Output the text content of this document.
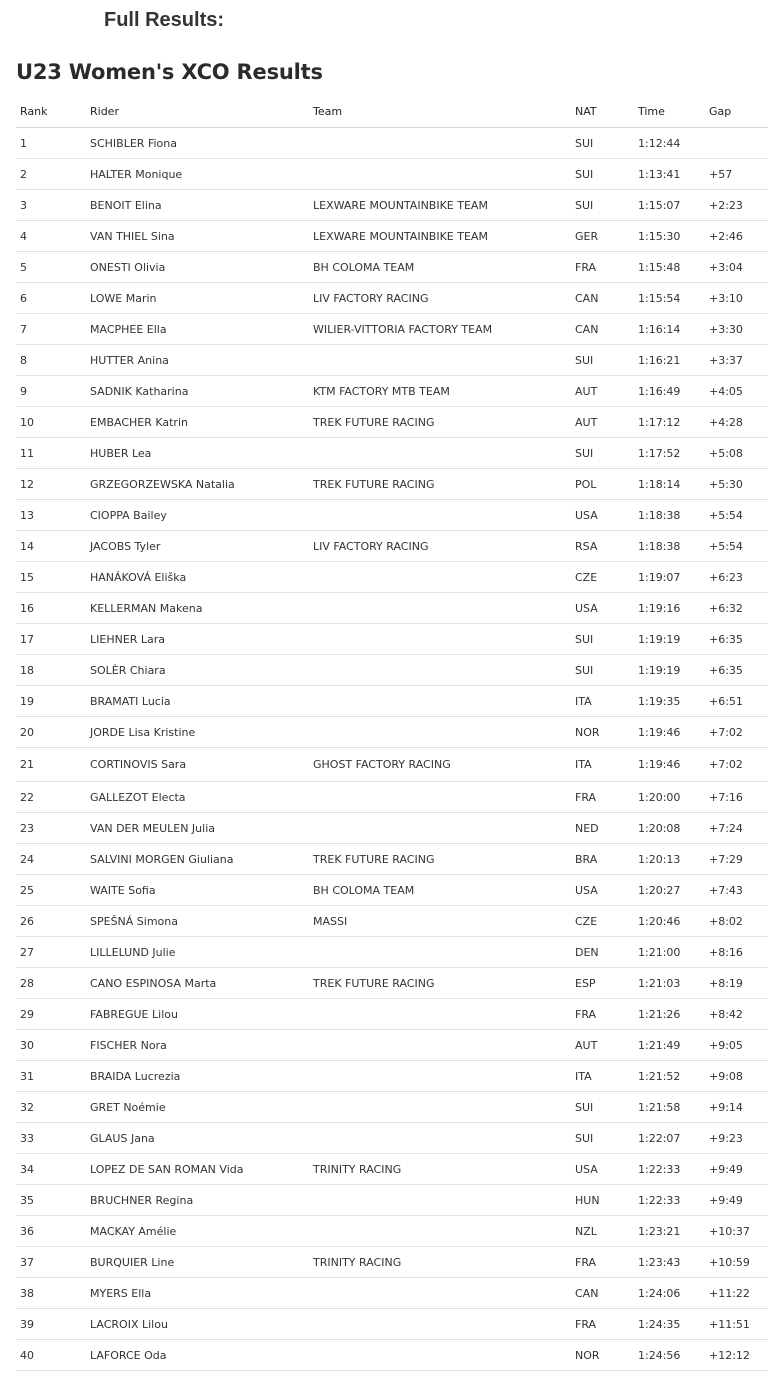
Full Results:
U23 Women's XCO Results
Rank	Rider	Team	NAT	Time	Gap
1	SCHIBLER Fiona		SUI	1:12:44	
2	HALTER Monique		SUI	1:13:41	+57
3	BENOIT Elina	LEXWARE MOUNTAINBIKE TEAM	SUI	1:15:07	+2:23
4	VAN THIEL Sina	LEXWARE MOUNTAINBIKE TEAM	GER	1:15:30	+2:46
5	ONESTI Olivia	BH COLOMA TEAM	FRA	1:15:48	+3:04
6	LOWE Marin	LIV FACTORY RACING	CAN	1:15:54	+3:10
7	MACPHEE Ella	WILIER-VITTORIA FACTORY TEAM	CAN	1:16:14	+3:30
8	HUTTER Anina		SUI	1:16:21	+3:37
9	SADNIK Katharina	KTM FACTORY MTB TEAM	AUT	1:16:49	+4:05
10	EMBACHER Katrin	TREK FUTURE RACING	AUT	1:17:12	+4:28
11	HUBER Lea		SUI	1:17:52	+5:08
12	GRZEGORZEWSKA Natalia	TREK FUTURE RACING	POL	1:18:14	+5:30
13	CIOPPA Bailey		USA	1:18:38	+5:54
14	JACOBS Tyler	LIV FACTORY RACING	RSA	1:18:38	+5:54
15	HANÁKOVÁ Eliška		CZE	1:19:07	+6:23
16	KELLERMAN Makena		USA	1:19:16	+6:32
17	LIEHNER Lara		SUI	1:19:19	+6:35
18	SOLÈR Chiara		SUI	1:19:19	+6:35
19	BRAMATI Lucia		ITA	1:19:35	+6:51
20	JORDE Lisa Kristine		NOR	1:19:46	+7:02
21	CORTINOVIS Sara	GHOST FACTORY RACING	ITA	1:19:46	+7:02
22	GALLEZOT Electa		FRA	1:20:00	+7:16
23	VAN DER MEULEN Julia		NED	1:20:08	+7:24
24	SALVINI MORGEN Giuliana	TREK FUTURE RACING	BRA	1:20:13	+7:29
25	WAITE Sofia	BH COLOMA TEAM	USA	1:20:27	+7:43
26	SPEŠNÁ Simona	MASSI	CZE	1:20:46	+8:02
27	LILLELUND Julie		DEN	1:21:00	+8:16
28	CANO ESPINOSA Marta	TREK FUTURE RACING	ESP	1:21:03	+8:19
29	FABREGUE Lilou		FRA	1:21:26	+8:42
30	FISCHER Nora		AUT	1:21:49	+9:05
31	BRAIDA Lucrezia		ITA	1:21:52	+9:08
32	GRET Noémie		SUI	1:21:58	+9:14
33	GLAUS Jana		SUI	1:22:07	+9:23
34	LOPEZ DE SAN ROMAN Vida	TRINITY RACING	USA	1:22:33	+9:49
35	BRUCHNER Regina		HUN	1:22:33	+9:49
36	MACKAY Amélie		NZL	1:23:21	+10:37
37	BURQUIER Line	TRINITY RACING	FRA	1:23:43	+10:59
38	MYERS Ella		CAN	1:24:06	+11:22
39	LACROIX Lilou		FRA	1:24:35	+11:51
40	LAFORCE Oda		NOR	1:24:56	+12:12
